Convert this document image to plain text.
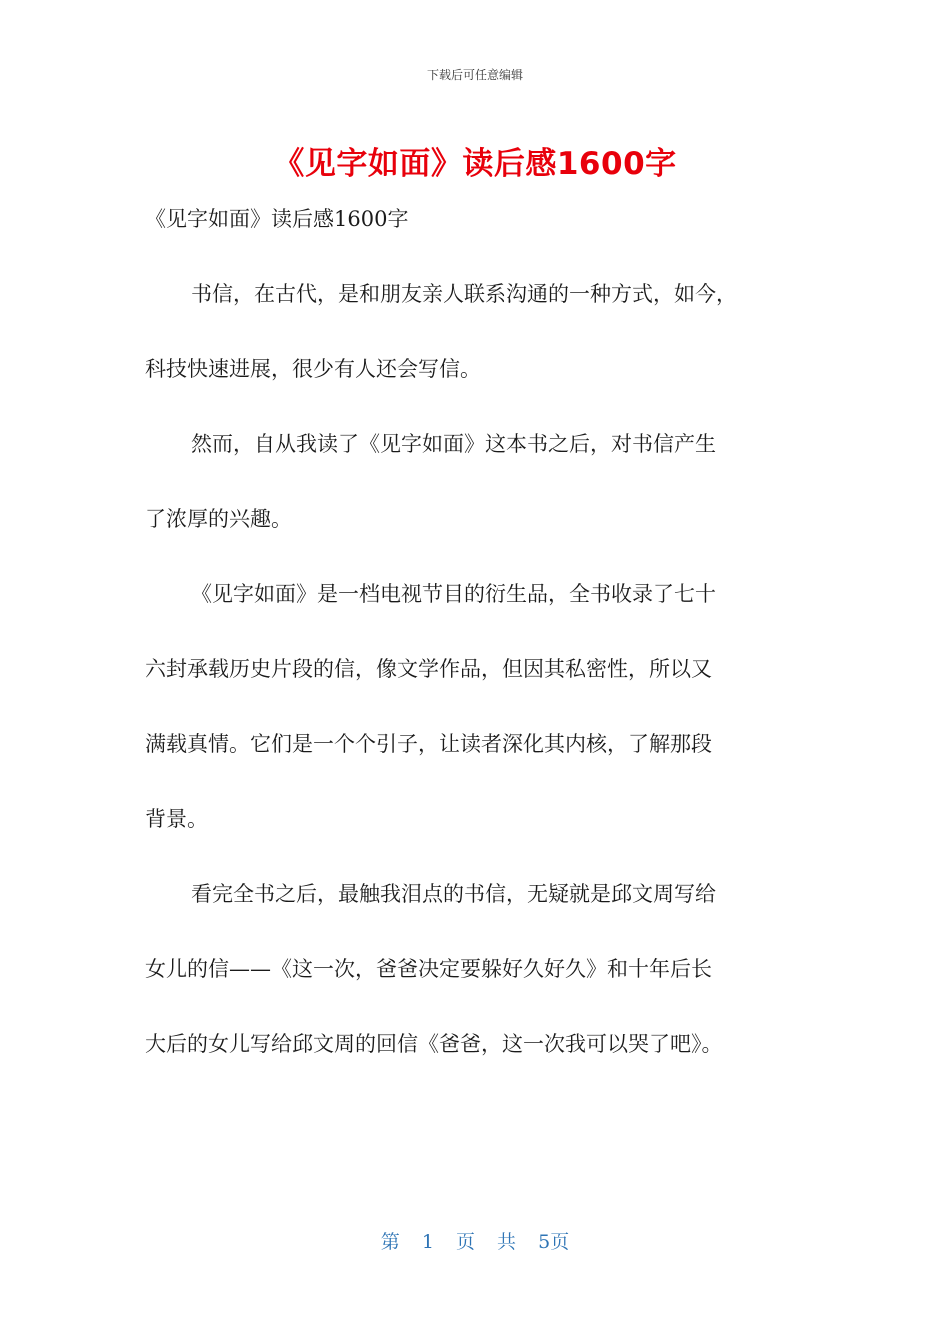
下载后可任意编辑
《见字如面》读后感1600字
《见字如面》读后感1600字
书信，在古代，是和朋友亲人联系沟通的一种方式，如今，
科技快速进展，很少有人还会写信。
然而，自从我读了《见字如面》这本书之后，对书信产生
了浓厚的兴趣。
《见字如面》是一档电视节目的衍生品，全书收录了七十
六封承载历史片段的信，像文学作品，但因其私密性，所以又
满载真情。它们是一个个引子，让读者深化其内核，了解那段
背景。
看完全书之后，最触我泪点的书信，无疑就是邱文周写给
女儿的信——《这一次，爸爸决定要躲好久好久》和十年后长
大后的女儿写给邱文周的回信《爸爸，这一次我可以哭了吧》。
第 1 页 共 5页
